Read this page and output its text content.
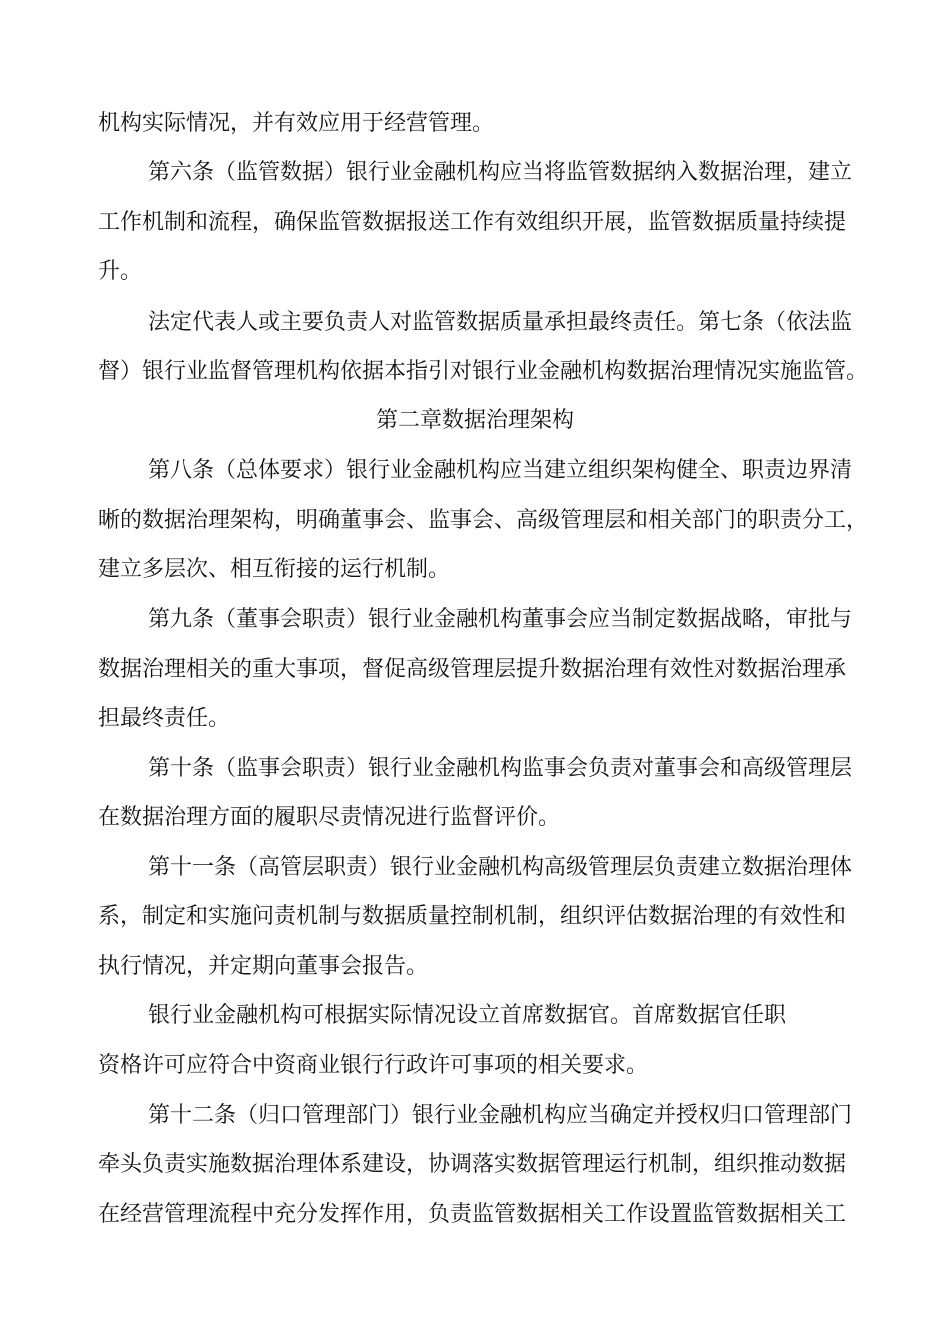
机构实际情况，并有效应用于经营管理。
第六条（监管数据）银行业金融机构应当将监管数据纳入数据治理，建立
工作机制和流程，确保监管数据报送工作有效组织开展，监管数据质量持续提
升。
法定代表人或主要负责人对监管数据质量承担最终责任。第七条（依法监
督）银行业监督管理机构依据本指引对银行业金融机构数据治理情况实施监管。
第二章数据治理架构
第八条（总体要求）银行业金融机构应当建立组织架构健全、职责边界清
晰的数据治理架构，明确董事会、监事会、高级管理层和相关部门的职责分工，
建立多层次、相互衔接的运行机制。
第九条（董事会职责）银行业金融机构董事会应当制定数据战略，审批与
数据治理相关的重大事项，督促高级管理层提升数据治理有效性对数据治理承
担最终责任。
第十条（监事会职责）银行业金融机构监事会负责对董事会和高级管理层
在数据治理方面的履职尽责情况进行监督评价。
第十一条（高管层职责）银行业金融机构高级管理层负责建立数据治理体
系，制定和实施问责机制与数据质量控制机制，组织评估数据治理的有效性和
执行情况，并定期向董事会报告。
银行业金融机构可根据实际情况设立首席数据官。首席数据官任职
资格许可应符合中资商业银行行政许可事项的相关要求。
第十二条（归口管理部门）银行业金融机构应当确定并授权归口管理部门
牵头负责实施数据治理体系建设，协调落实数据管理运行机制，组织推动数据
在经营管理流程中充分发挥作用，负责监管数据相关工作设置监管数据相关工
